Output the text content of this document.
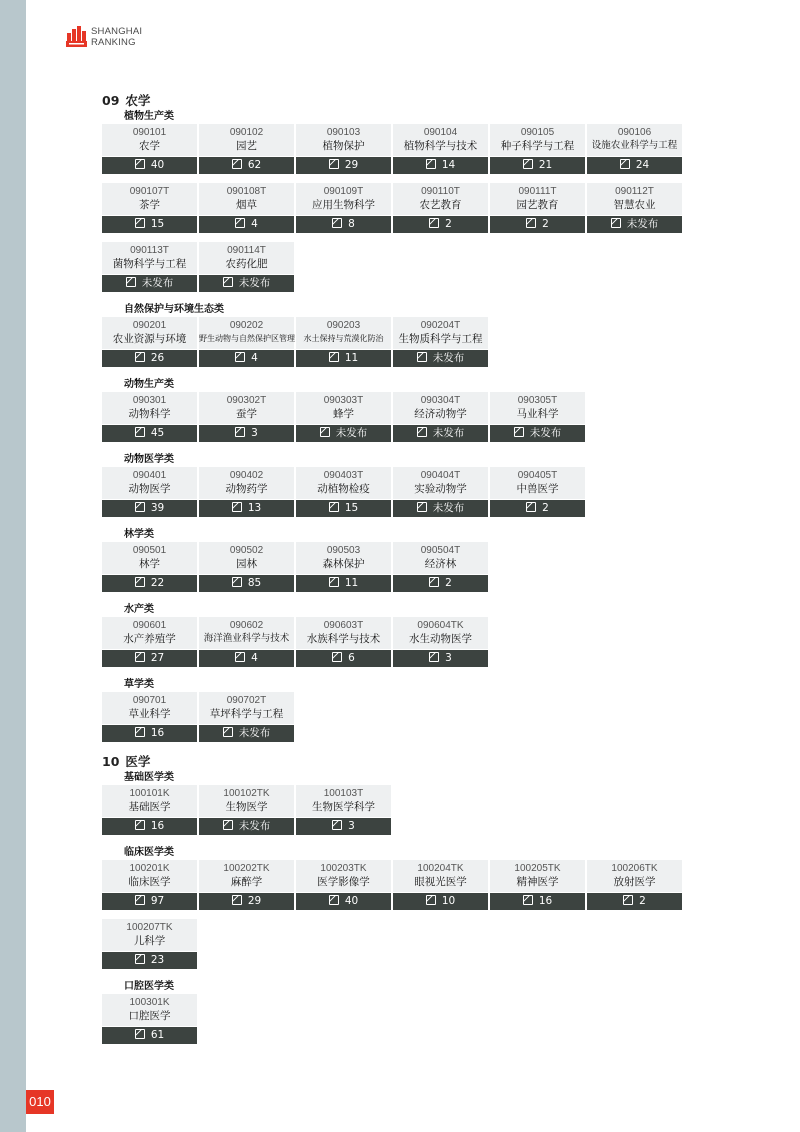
SHANGHAI
RANKING
09 农学
植物生产类
090101
农学
40
090102
园艺
62
090103
植物保护
29
090104
植物科学与技术
14
090105
种子科学与工程
21
090106
设施农业科学与工程
24
090107T
茶学
15
090108T
烟草
4
090109T
应用生物科学
8
090110T
农艺教育
2
090111T
园艺教育
2
090112T
智慧农业
未发布
090113T
菌物科学与工程
未发布
090114T
农药化肥
未发布
自然保护与环境生态类
090201
农业资源与环境
26
090202
野生动物与自然保护区管理
4
090203
水土保持与荒漠化防治
11
090204T
生物质科学与工程
未发布
动物生产类
090301
动物科学
45
090302T
蚕学
3
090303T
蜂学
未发布
090304T
经济动物学
未发布
090305T
马业科学
未发布
动物医学类
090401
动物医学
39
090402
动物药学
13
090403T
动植物检疫
15
090404T
实验动物学
未发布
090405T
中兽医学
2
林学类
090501
林学
22
090502
园林
85
090503
森林保护
11
090504T
经济林
2
水产类
090601
水产养殖学
27
090602
海洋渔业科学与技术
4
090603T
水族科学与技术
6
090604TK
水生动物医学
3
草学类
090701
草业科学
16
090702T
草坪科学与工程
未发布
10 医学
基础医学类
100101K
基础医学
16
100102TK
生物医学
未发布
100103T
生物医学科学
3
临床医学类
100201K
临床医学
97
100202TK
麻醉学
29
100203TK
医学影像学
40
100204TK
眼视光医学
10
100205TK
精神医学
16
100206TK
放射医学
2
100207TK
儿科学
23
口腔医学类
100301K
口腔医学
61
010
